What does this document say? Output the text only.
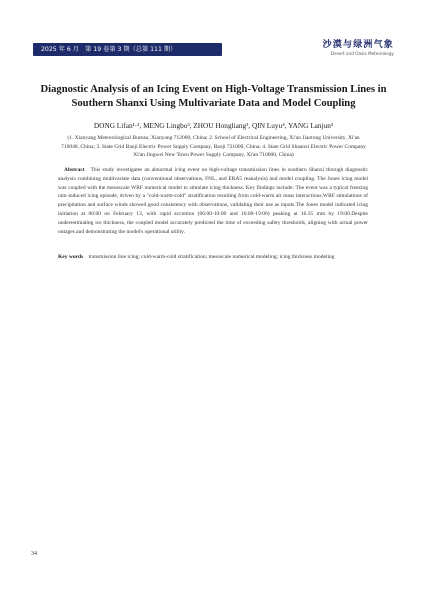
2025 年 6 月　第 19 卷第 3 期（总第 111 期）	沙漠与绿洲气象
Desert and Oasis Meteorology
Diagnostic Analysis of an Icing Event on High-Voltage Transmission Lines in Southern Shanxi Using Multivariate Data and Model Coupling
DONG Lifan¹·², MENG Lingbo³, ZHOU Hongliang³, QIN Luyu⁴, YANG Lanjun³
(1. Xianyang Meteorological Bureau, Xianyang 712000, China; 2. School of Electrical Engineering, Xi'an Jiaotong University, Xi'an 710048, China; 3. State Grid Baoji Electric Power Supply Company, Baoji 721000, China; 4. State Grid Shaanxi Electric Power Company Xi'an Jingwei New Town Power Supply Company, Xi'an 710000, China)
Abstract This study investigates an abnormal icing event on high-voltage transmission lines in southern Shanxi through diagnostic analysis combining multivariate data (conventional observations, FNL, and ERA5 reanalysis) and model coupling. The Jones icing model was coupled with the mesoscale WRF numerical model to simulate icing thickness. Key findings include: The event was a typical freezing rain-induced icing episode, driven by a "cold-warm-cold" stratification resulting from cold-warm air mass interactions.WRF simulations of precipitation and surface winds showed good consistency with observations, validating their use as inputs.The Jones model indicated icing initiation at 00:00 on February 13, with rapid accretion (06:00-10:00 and 16:00-19:00) peaking at 16.35 mm by 19:00.Despite underestimating ice thickness, the coupled model accurately predicted the time of exceeding safety thresholds, aligning with actual power outages and demonstrating the model's operational utility.
Key words transmission line icing; cold-warm-cold stratification; mesoscale numerical modeling; icing thickness modeling
34
